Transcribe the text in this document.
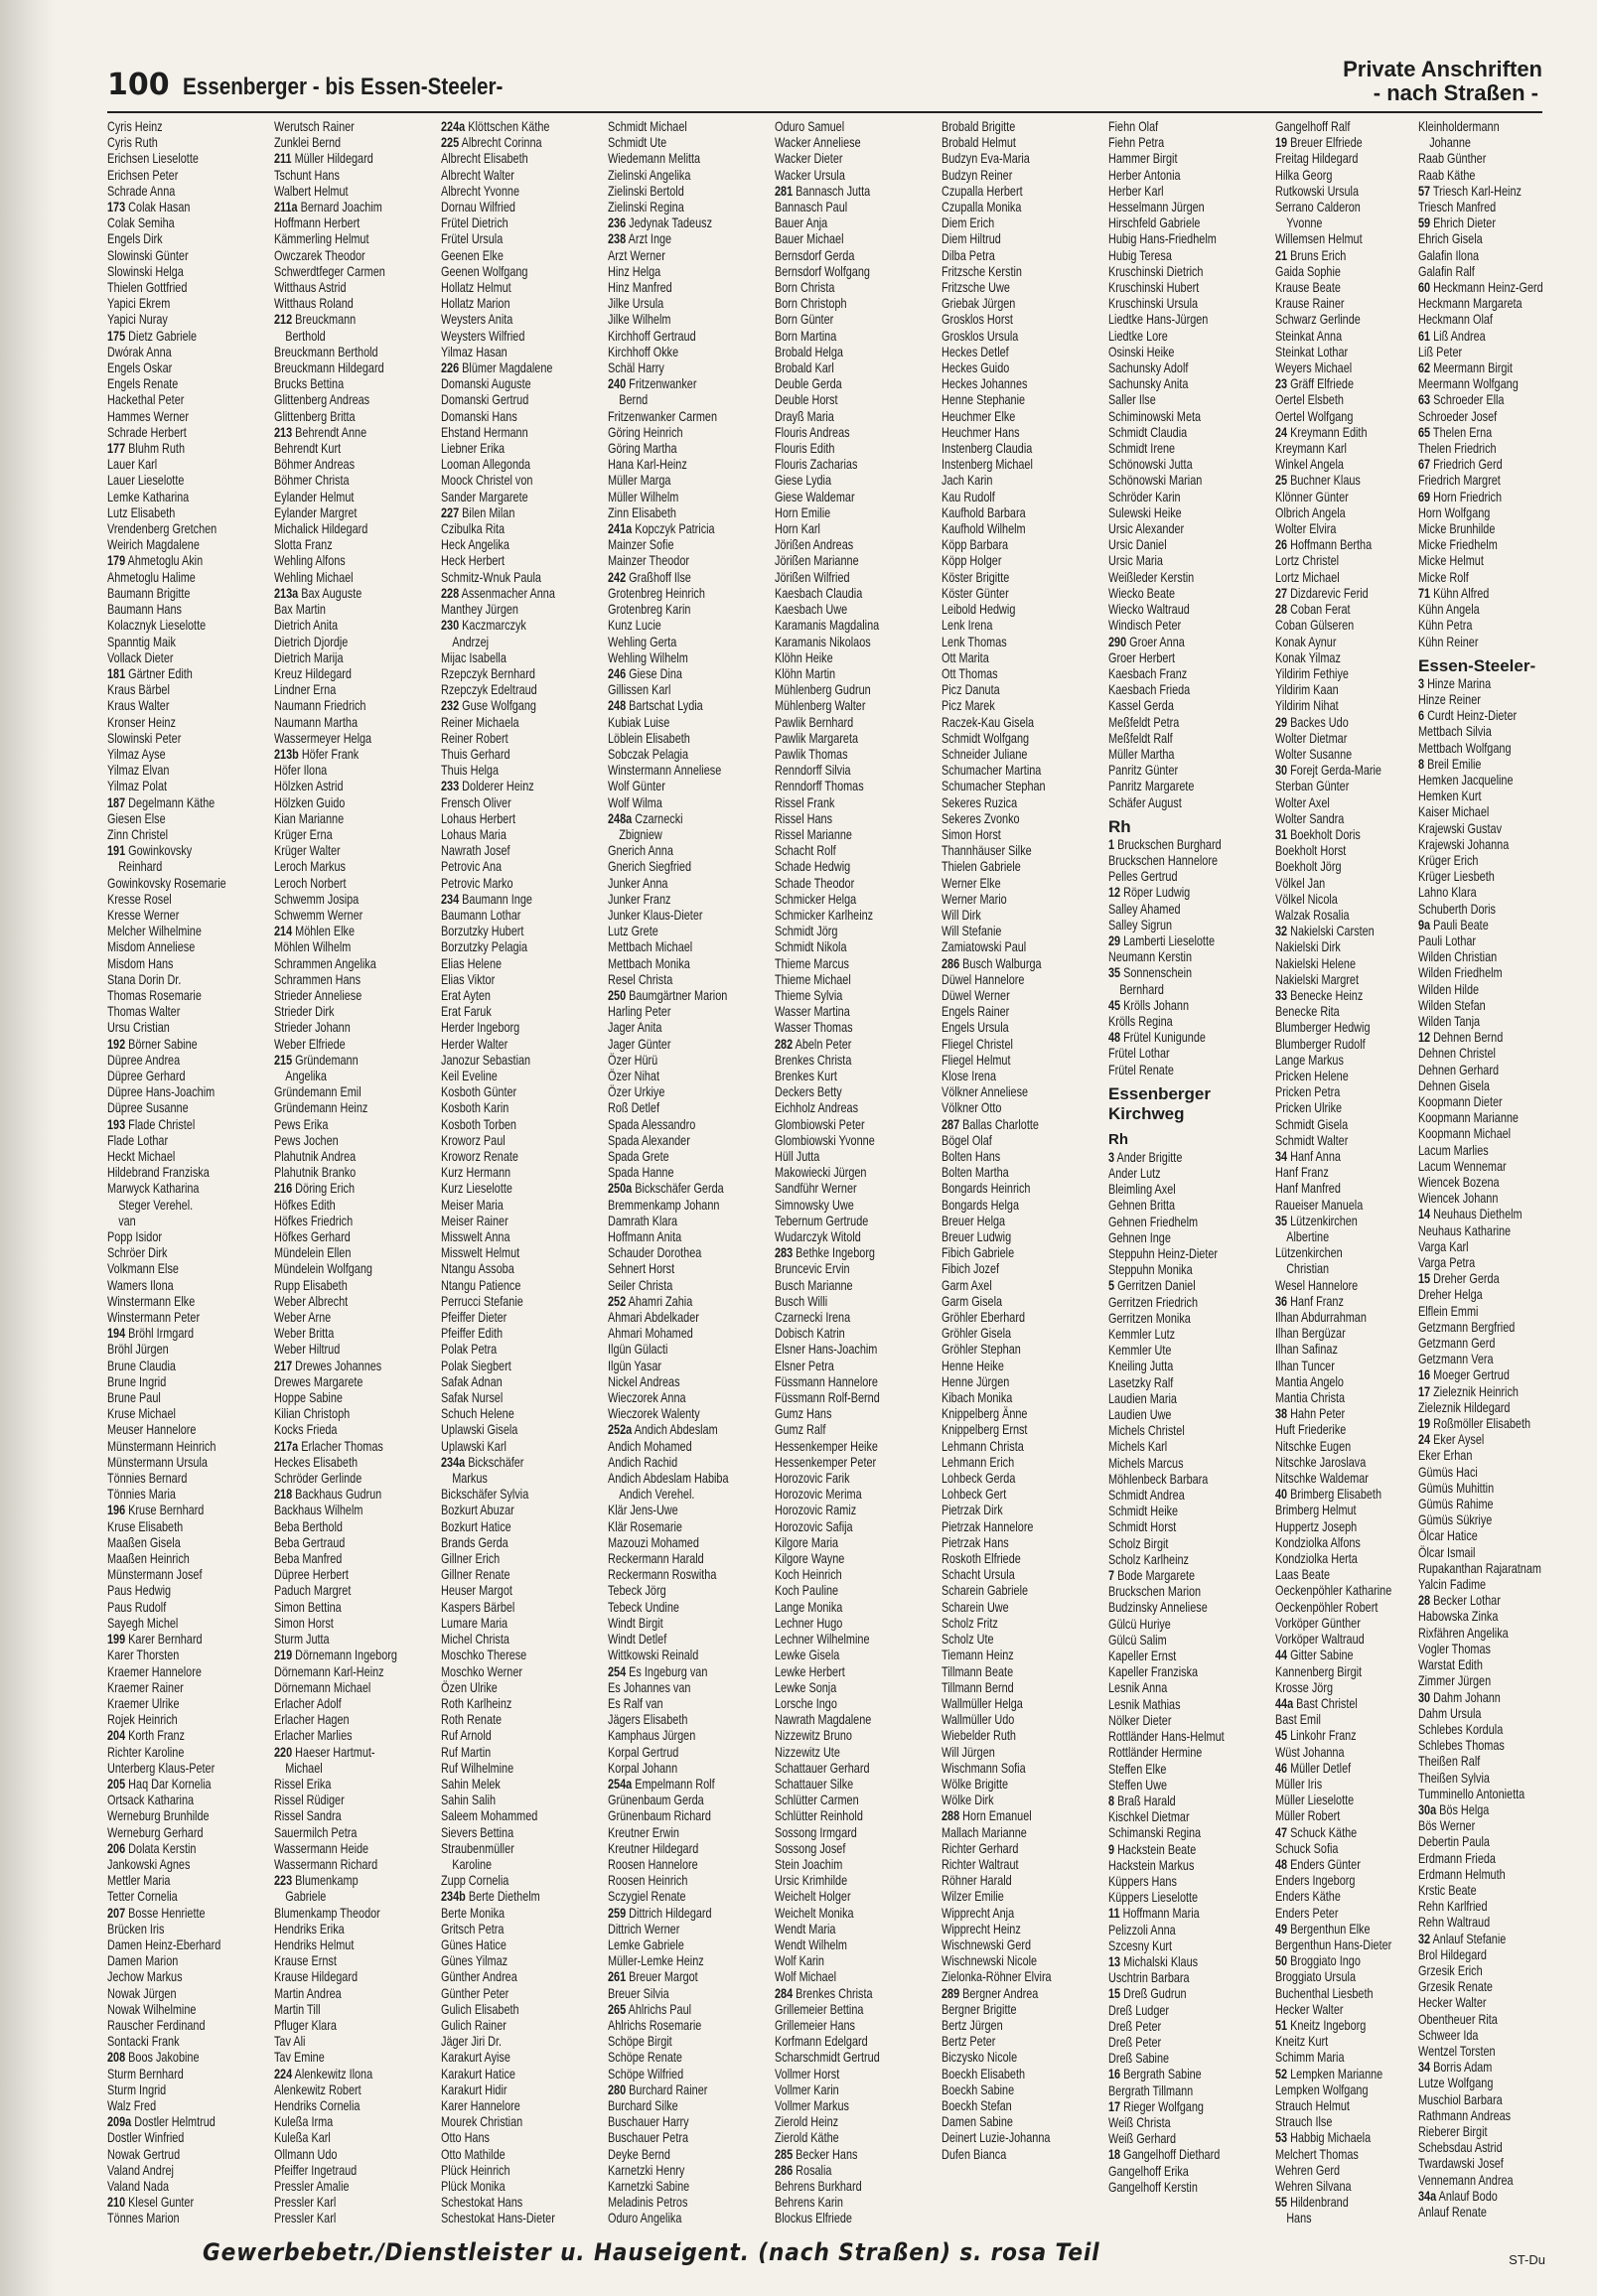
100 Essenberger - bis Essen-Steeler-
Private Anschriften
- nach Straßen -
Cyris Heinz
Cyris Ruth
Erichsen Lieselotte
Erichsen Peter
Schrade Anna
173 Colak Hasan
Colak Semiha
Engels Dirk
Slowinski Günter
Slowinski Helga
Thielen Gottfried
Yapici Ekrem
Yapici Nuray
175 Dietz Gabriele
Dwórak Anna
Engels Oskar
Engels Renate
Hackethal Peter
Hammes Werner
Schrade Herbert
177 Bluhm Ruth
Lauer Karl
Lauer Lieselotte
Lemke Katharina
Lutz Elisabeth
Vrendenberg Gretchen
Weirich Magdalene
179 Ahmetoglu Akin
Ahmetoglu Halime
Baumann Brigitte
Baumann Hans
Kolacznyk Lieselotte
Spanntig Maik
Vollack Dieter
181 Gärtner Edith
Kraus Bärbel
Kraus Walter
Kronser Heinz
Slowinski Peter
Yilmaz Ayse
Yilmaz Elvan
Yilmaz Polat
187 Degelmann Käthe
Giesen Else
Zinn Christel
191 Gowinkovsky
Reinhard
Gowinkovsky Rosemarie
Kresse Rosel
Kresse Werner
Melcher Wilhelmine
Misdom Anneliese
Misdom Hans
Stana Dorin Dr.
Thomas Rosemarie
Thomas Walter
Ursu Cristian
192 Börner Sabine
Düpree Andrea
Düpree Gerhard
Düpree Hans-Joachim
Düpree Susanne
193 Flade Christel
Flade Lothar
Heckt Michael
Hildebrand Franziska
Marwyck Katharina
Steger Verehel.
van
Popp Isidor
Schröer Dirk
Volkmann Else
Wamers Ilona
Winstermann Elke
Winstermann Peter
194 Bröhl Irmgard
Bröhl Jürgen
Brune Claudia
Brune Ingrid
Brune Paul
Kruse Michael
Meuser Hannelore
Münstermann Heinrich
Münstermann Ursula
Tönnies Bernard
Tönnies Maria
196 Kruse Bernhard
Kruse Elisabeth
Maaßen Gisela
Maaßen Heinrich
Münstermann Josef
Paus Hedwig
Paus Rudolf
Sayegh Michel
199 Karer Bernhard
Karer Thorsten
Kraemer Hannelore
Kraemer Rainer
Kraemer Ulrike
Rojek Heinrich
204 Korth Franz
Richter Karoline
Unterberg Klaus-Peter
205 Haq Dar Kornelia
Ortsack Katharina
Werneburg Brunhilde
Werneburg Gerhard
206 Dolata Kerstin
Jankowski Agnes
Mettler Maria
Tetter Cornelia
207 Bosse Henriette
Brücken Iris
Damen Heinz-Eberhard
Damen Marion
Jechow Markus
Nowak Jürgen
Nowak Wilhelmine
Rauscher Ferdinand
Sontacki Frank
208 Boos Jakobine
Sturm Bernhard
Sturm Ingrid
Walz Fred
209a Dostler Helmtrud
Dostler Winfried
Nowak Gertrud
Valand Andrej
Valand Nada
210 Klesel Gunter
Tönnes Marion
Werutsch Rainer
Zunklei Bernd
211 Müller Hildegard
Tschunt Hans
Walbert Helmut
211a Bernard Joachim
Hoffmann Herbert
Kämmerling Helmut
Owczarek Theodor
Schwerdtfeger Carmen
Witthaus Astrid
Witthaus Roland
212 Breuckmann
Berthold
Breuckmann Berthold
Breuckmann Hildegard
Brucks Bettina
Glittenberg Andreas
Glittenberg Britta
213 Behrendt Anne
Behrendt Kurt
Böhmer Andreas
Böhmer Christa
Eylander Helmut
Eylander Margret
Michalick Hildegard
Slotta Franz
Wehling Alfons
Wehling Michael
213a Bax Auguste
Bax Martin
Dietrich Anita
Dietrich Djordje
Dietrich Marija
Kreuz Hildegard
Lindner Erna
Naumann Friedrich
Naumann Martha
Wassermeyer Helga
213b Höfer Frank
Höfer Ilona
Hölzken Astrid
Hölzken Guido
Kian Marianne
Krüger Erna
Krüger Walter
Leroch Markus
Leroch Norbert
Schwemm Josipa
Schwemm Werner
214 Möhlen Elke
Möhlen Wilhelm
Schrammen Angelika
Schrammen Hans
Strieder Anneliese
Strieder Dirk
Strieder Johann
Weber Elfriede
215 Gründemann
Angelika
Gründemann Emil
Gründemann Heinz
Pews Erika
Pews Jochen
Plahutnik Andrea
Plahutnik Branko
216 Döring Erich
Höfkes Edith
Höfkes Friedrich
Höfkes Gerhard
Mündelein Ellen
Mündelein Wolfgang
Rupp Elisabeth
Weber Albrecht
Weber Arne
Weber Britta
Weber Hiltrud
217 Drewes Johannes
Drewes Margarete
Hoppe Sabine
Kilian Christoph
Kocks Frieda
217a Erlacher Thomas
Heckes Elisabeth
Schröder Gerlinde
218 Backhaus Gudrun
Backhaus Wilhelm
Beba Berthold
Beba Gertraud
Beba Manfred
Düpree Herbert
Paduch Margret
Simon Bettina
Simon Horst
Sturm Jutta
219 Dörnemann Ingeborg
Dörnemann Karl-Heinz
Dörnemann Michael
Erlacher Adolf
Erlacher Hagen
Erlacher Marlies
220 Haeser Hartmut-
Michael
Rissel Erika
Rissel Rüdiger
Rissel Sandra
Sauermilch Petra
Wassermann Heide
Wassermann Richard
223 Blumenkamp
Gabriele
Blumenkamp Theodor
Hendriks Erika
Hendriks Helmut
Krause Ernst
Krause Hildegard
Martin Andrea
Martin Till
Pfluger Klara
Tav Ali
Tav Emine
224 Alenkewitz Ilona
Alenkewitz Robert
Hendriks Cornelia
Kuleßa Irma
Kuleßa Karl
Ollmann Udo
Pfeiffer Ingetraud
Pressler Amalie
Pressler Karl
Pressler Karl
224a Klöttschen Käthe
225 Albrecht Corinna
Albrecht Elisabeth
Albrecht Walter
Albrecht Yvonne
Dornau Wilfried
Frütel Dietrich
Frütel Ursula
Geenen Elke
Geenen Wolfgang
Hollatz Helmut
Hollatz Marion
Weysters Anita
Weysters Wilfried
Yilmaz Hasan
226 Blümer Magdalene
Domanski Auguste
Domanski Gertrud
Domanski Hans
Ehstand Hermann
Liebner Erika
Looman Allegonda
Moock Christel von
Sander Margarete
227 Bilen Milan
Czibulka Rita
Heck Angelika
Heck Herbert
Schmitz-Wnuk Paula
228 Assenmacher Anna
Manthey Jürgen
230 Kaczmarczyk
Andrzej
Mijac Isabella
Rzepczyk Bernhard
Rzepczyk Edeltraud
232 Guse Wolfgang
Reiner Michaela
Reiner Robert
Thuis Gerhard
Thuis Helga
233 Dolderer Heinz
Frensch Oliver
Lohaus Herbert
Lohaus Maria
Nawrath Josef
Petrovic Ana
Petrovic Marko
234 Baumann Inge
Baumann Lothar
Borzutzky Hubert
Borzutzky Pelagia
Elias Helene
Elias Viktor
Erat Ayten
Erat Faruk
Herder Ingeborg
Herder Walter
Janozur Sebastian
Keil Eveline
Kosboth Günter
Kosboth Karin
Kosboth Torben
Kroworz Paul
Kroworz Renate
Kurz Hermann
Kurz Lieselotte
Meiser Maria
Meiser Rainer
Misswelt Anna
Misswelt Helmut
Ntangu Assoba
Ntangu Patience
Perrucci Stefanie
Pfeiffer Dieter
Pfeiffer Edith
Polak Petra
Polak Siegbert
Safak Adnan
Safak Nursel
Schuch Helene
Uplawski Gisela
Uplawski Karl
234a Bickschäfer
Markus
Bickschäfer Sylvia
Bozkurt Abuzar
Bozkurt Hatice
Brands Gerda
Gillner Erich
Gillner Renate
Heuser Margot
Kaspers Bärbel
Lumare Maria
Michel Christa
Moschko Therese
Moschko Werner
Özen Ulrike
Roth Karlheinz
Roth Renate
Ruf Arnold
Ruf Martin
Ruf Wilhelmine
Sahin Melek
Sahin Salih
Saleem Mohammed
Sievers Bettina
Straubenmüller
Karoline
Zupp Cornelia
234b Berte Diethelm
Berte Monika
Gritsch Petra
Günes Hatice
Günes Yilmaz
Günther Andrea
Günther Peter
Gulich Elisabeth
Gulich Rainer
Jäger Jiri Dr.
Karakurt Ayise
Karakurt Hatice
Karakurt Hidir
Karer Hannelore
Mourek Christian
Otto Hans
Otto Mathilde
Plück Heinrich
Plück Monika
Schestokat Hans
Schestokat Hans-Dieter
Schmidt Michael
Schmidt Ute
Wiedemann Melitta
Zielinski Angelika
Zielinski Bertold
Zielinski Regina
236 Jedynak Tadeusz
238 Arzt Inge
Arzt Werner
Hinz Helga
Hinz Manfred
Jilke Ursula
Jilke Wilhelm
Kirchhoff Gertraud
Kirchhoff Okke
Schäl Harry
240 Fritzenwanker
Bernd
Fritzenwanker Carmen
Göring Heinrich
Göring Martha
Hana Karl-Heinz
Müller Marga
Müller Wilhelm
Zinn Elisabeth
241a Kopczyk Patricia
Mainzer Sofie
Mainzer Theodor
242 Graßhoff Ilse
Grotenbreg Heinrich
Grotenbreg Karin
Kunz Lucie
Wehling Gerta
Wehling Wilhelm
246 Giese Dina
Gillissen Karl
248 Bartschat Lydia
Kubiak Luise
Löblein Elisabeth
Sobczak Pelagia
Winstermann Anneliese
Wolf Günter
Wolf Wilma
248a Czarnecki
Zbigniew
Gnerich Anna
Gnerich Siegfried
Junker Anna
Junker Franz
Junker Klaus-Dieter
Lutz Grete
Mettbach Michael
Mettbach Monika
Resel Christa
250 Baumgärtner Marion
Harling Peter
Jager Anita
Jager Günter
Özer Hürü
Özer Nihat
Özer Urkiye
Roß Detlef
Spada Alessandro
Spada Alexander
Spada Grete
Spada Hanne
250a Bickschäfer Gerda
Bremmenkamp Johann
Damrath Klara
Hoffmann Anita
Schauder Dorothea
Sehnert Horst
Seiler Christa
252 Ahamri Zahia
Ahmari Abdelkader
Ahmari Mohamed
Ilgün Gülacti
Ilgün Yasar
Nickel Andreas
Wieczorek Anna
Wieczorek Walenty
252a Andich Abdeslam
Andich Mohamed
Andich Rachid
Andich Abdeslam Habiba
Andich Verehel.
Klär Jens-Uwe
Klär Rosemarie
Mazouzi Mohamed
Reckermann Harald
Reckermann Roswitha
Tebeck Jörg
Tebeck Undine
Windt Birgit
Windt Detlef
Wittkowski Reinald
254 Es Ingeburg van
Es Johannes van
Es Ralf van
Jägers Elisabeth
Kamphaus Jürgen
Korpal Gertrud
Korpal Johann
254a Empelmann Rolf
Grünenbaum Gerda
Grünenbaum Richard
Kreutner Erwin
Kreutner Hildegard
Roosen Hannelore
Roosen Heinrich
Sczygiel Renate
259 Dittrich Hildegard
Dittrich Werner
Lemke Gabriele
Müller-Lemke Heinz
261 Breuer Margot
Breuer Silvia
265 Ahlrichs Paul
Ahlrichs Rosemarie
Schöpe Birgit
Schöpe Renate
Schöpe Wilfried
280 Burchard Rainer
Burchard Silke
Buschauer Harry
Buschauer Petra
Deyke Bernd
Karnetzki Henry
Karnetzki Sabine
Meladinis Petros
Oduro Angelika
Oduro Samuel
Wacker Anneliese
Wacker Dieter
Wacker Ursula
281 Bannasch Jutta
Bannasch Paul
Bauer Anja
Bauer Michael
Bernsdorf Gerda
Bernsdorf Wolfgang
Born Christa
Born Christoph
Born Günter
Born Martina
Brobald Helga
Brobald Karl
Deuble Gerda
Deuble Horst
Drayß Maria
Flouris Andreas
Flouris Edith
Flouris Zacharias
Giese Lydia
Giese Waldemar
Horn Emilie
Horn Karl
Jörißen Andreas
Jörißen Marianne
Jörißen Wilfried
Kaesbach Claudia
Kaesbach Uwe
Karamanis Magdalina
Karamanis Nikolaos
Klöhn Heike
Klöhn Martin
Mühlenberg Gudrun
Mühlenberg Walter
Pawlik Bernhard
Pawlik Margareta
Pawlik Thomas
Renndorff Silvia
Renndorff Thomas
Rissel Frank
Rissel Hans
Rissel Marianne
Schacht Rolf
Schade Hedwig
Schade Theodor
Schmicker Helga
Schmicker Karlheinz
Schmidt Jörg
Schmidt Nikola
Thieme Marcus
Thieme Michael
Thieme Sylvia
Wasser Martina
Wasser Thomas
282 Abeln Peter
Brenkes Christa
Brenkes Kurt
Deckers Betty
Eichholz Andreas
Glombiowski Peter
Glombiowski Yvonne
Hüll Jutta
Makowiecki Jürgen
Sandführ Werner
Simnowsky Uwe
Tebernum Gertrude
Wudarczyk Witold
283 Bethke Ingeborg
Bruncevic Ervin
Busch Marianne
Busch Willi
Czarnecki Irena
Dobisch Katrin
Elsner Hans-Joachim
Elsner Petra
Füssmann Hannelore
Füssmann Rolf-Bernd
Gumz Hans
Gumz Ralf
Hessenkemper Heike
Hessenkemper Peter
Horozovic Farik
Horozovic Merima
Horozovic Ramiz
Horozovic Safija
Kilgore Maria
Kilgore Wayne
Koch Heinrich
Koch Pauline
Lange Monika
Lechner Hugo
Lechner Wilhelmine
Lewke Gisela
Lewke Herbert
Lewke Sonja
Lorsche Ingo
Nawrath Magdalene
Nizzewitz Bruno
Nizzewitz Ute
Schattauer Gerhard
Schattauer Silke
Schlütter Carmen
Schlütter Reinhold
Sossong Irmgard
Sossong Josef
Stein Joachim
Ursic Krimhilde
Weichelt Holger
Weichelt Monika
Wendt Maria
Wendt Wilhelm
Wolf Karin
Wolf Michael
284 Brenkes Christa
Grillemeier Bettina
Grillemeier Hans
Korfmann Edelgard
Scharschmidt Gertrud
Vollmer Horst
Vollmer Karin
Vollmer Markus
Zierold Heinz
Zierold Käthe
285 Becker Hans
286 Rosalia
Behrens Burkhard
Behrens Karin
Blockus Elfriede
Brobald Brigitte
Brobald Helmut
Budzyn Eva-Maria
Budzyn Reiner
Czupalla Herbert
Czupalla Monika
Diem Erich
Diem Hiltrud
Dilba Petra
Fritzsche Kerstin
Fritzsche Uwe
Griebak Jürgen
Grosklos Horst
Grosklos Ursula
Heckes Detlef
Heckes Guido
Heckes Johannes
Henne Stephanie
Heuchmer Elke
Heuchmer Hans
Instenberg Claudia
Instenberg Michael
Jach Karin
Kau Rudolf
Kaufhold Barbara
Kaufhold Wilhelm
Köpp Barbara
Köpp Holger
Köster Brigitte
Köster Günter
Leibold Hedwig
Lenk Irena
Lenk Thomas
Ott Marita
Ott Thomas
Picz Danuta
Picz Marek
Raczek-Kau Gisela
Schmidt Wolfgang
Schneider Juliane
Schumacher Martina
Schumacher Stephan
Sekeres Ruzica
Sekeres Zvonko
Simon Horst
Thannhäuser Silke
Thielen Gabriele
Werner Elke
Werner Mario
Will Dirk
Will Stefanie
Zamiatowski Paul
286 Busch Walburga
Düwel Hannelore
Düwel Werner
Engels Rainer
Engels Ursula
Fliegel Christel
Fliegel Helmut
Klose Irena
Völkner Anneliese
Völkner Otto
287 Ballas Charlotte
Bögel Olaf
Bolten Hans
Bolten Martha
Bongards Heinrich
Bongards Helga
Breuer Helga
Breuer Ludwig
Fibich Gabriele
Fibich Jozef
Garm Axel
Garm Gisela
Gröhler Eberhard
Gröhler Gisela
Gröhler Stephan
Henne Heike
Henne Jürgen
Kibach Monika
Knippelberg Änne
Knippelberg Ernst
Lehmann Christa
Lehmann Erich
Lohbeck Gerda
Lohbeck Gert
Pietrzak Dirk
Pietrzak Hannelore
Pietrzak Hans
Roskoth Elfriede
Schacht Ursula
Scharein Gabriele
Scharein Uwe
Scholz Fritz
Scholz Ute
Tiemann Heinz
Tillmann Beate
Tillmann Bernd
Wallmüller Helga
Wallmüller Udo
Wiebelder Ruth
Will Jürgen
Wischmann Sofia
Wölke Brigitte
Wölke Dirk
288 Horn Emanuel
Mallach Marianne
Richter Gerhard
Richter Waltraut
Röhner Harald
Wilzer Emilie
Wipprecht Anja
Wipprecht Heinz
Wischnewski Gerd
Wischnewski Nicole
Zielonka-Röhner Elvira
289 Bergner Andrea
Bergner Brigitte
Bertz Jürgen
Bertz Peter
Biczysko Nicole
Boeckh Elisabeth
Boeckh Sabine
Boeckh Stefan
Damen Sabine
Deinert Luzie-Johanna
Dufen Bianca
Fiehn Olaf
Fiehn Petra
Hammer Birgit
Herber Antonia
Herber Karl
Hesselmann Jürgen
Hirschfeld Gabriele
Hubig Hans-Friedhelm
Hubig Teresa
Kruschinski Dietrich
Kruschinski Hubert
Kruschinski Ursula
Liedtke Hans-Jürgen
Liedtke Lore
Osinski Heike
Sachunsky Adolf
Sachunsky Anita
Saller Ilse
Schiminowski Meta
Schmidt Claudia
Schmidt Irene
Schönowski Jutta
Schönowski Marian
Schröder Karin
Sulewski Heike
Ursic Alexander
Ursic Daniel
Ursic Maria
Weißleder Kerstin
Wiecko Beate
Wiecko Waltraud
Windisch Peter
290 Groer Anna
Groer Herbert
Kaesbach Franz
Kaesbach Frieda
Kassel Gerda
Meßfeldt Petra
Meßfeldt Ralf
Müller Martha
Panritz Günter
Panritz Margarete
Schäfer August
Rh
1 Bruckschen Burghard
Bruckschen Hannelore
Pelles Gertrud
12 Röper Ludwig
Salley Ahamed
Salley Sigrun
29 Lamberti Lieselotte
Neumann Kerstin
35 Sonnenschein
Bernhard
45 Krölls Johann
Krölls Regina
48 Frütel Kunigunde
Frütel Lothar
Frütel Renate
Essenberger
Kirchweg
Rh
3 Ander Brigitte
Ander Lutz
Bleimling Axel
Gehnen Britta
Gehnen Friedhelm
Gehnen Inge
Steppuhn Heinz-Dieter
Steppuhn Monika
5 Gerritzen Daniel
Gerritzen Friedrich
Gerritzen Monika
Kemmler Lutz
Kemmler Ute
Kneiling Jutta
Lasetzky Ralf
Laudien Maria
Laudien Uwe
Michels Christel
Michels Karl
Michels Marcus
Möhlenbeck Barbara
Schmidt Andrea
Schmidt Heike
Schmidt Horst
Scholz Birgit
Scholz Karlheinz
7 Bode Margarete
Bruckschen Marion
Budzinsky Anneliese
Gülcü Huriye
Gülcü Salim
Kapeller Ernst
Kapeller Franziska
Lesnik Anna
Lesnik Mathias
Nölker Dieter
Rottländer Hans-Helmut
Rottländer Hermine
Steffen Elke
Steffen Uwe
8 Braß Harald
Kischkel Dietmar
Schimanski Regina
9 Hackstein Beate
Hackstein Markus
Küppers Hans
Küppers Lieselotte
11 Hoffmann Maria
Pelizzoli Anna
Szcesny Kurt
13 Michalski Klaus
Uschtrin Barbara
15 Dreß Gudrun
Dreß Ludger
Dreß Peter
Dreß Peter
Dreß Sabine
16 Bergrath Sabine
Bergrath Tillmann
17 Rieger Wolfgang
Weiß Christa
Weiß Gerhard
18 Gangelhoff Diethard
Gangelhoff Erika
Gangelhoff Kerstin
Gangelhoff Ralf
19 Breuer Elfriede
Freitag Hildegard
Hilka Georg
Rutkowski Ursula
Serrano Calderon
Yvonne
Willemsen Helmut
21 Bruns Erich
Gaida Sophie
Krause Beate
Krause Rainer
Schwarz Gerlinde
Steinkat Anna
Steinkat Lothar
Weyers Michael
23 Gräff Elfriede
Oertel Elsbeth
Oertel Wolfgang
24 Kreymann Edith
Kreymann Karl
Winkel Angela
25 Buchner Klaus
Klönner Günter
Olbrich Angela
Wolter Elvira
26 Hoffmann Bertha
Lortz Christel
Lortz Michael
27 Dizdarevic Ferid
28 Coban Ferat
Coban Gülseren
Konak Aynur
Konak Yilmaz
Yildirim Fethiye
Yildirim Kaan
Yildirim Nihat
29 Backes Udo
Wolter Dietmar
Wolter Susanne
30 Forejt Gerda-Marie
Sterban Günter
Wolter Axel
Wolter Sandra
31 Boekholt Doris
Boekholt Horst
Boekholt Jörg
Völkel Jan
Völkel Nicola
Walzak Rosalia
32 Nakielski Carsten
Nakielski Dirk
Nakielski Helene
Nakielski Margret
33 Benecke Heinz
Benecke Rita
Blumberger Hedwig
Blumberger Rudolf
Lange Markus
Pricken Helene
Pricken Petra
Pricken Ulrike
Schmidt Gisela
Schmidt Walter
34 Hanf Anna
Hanf Franz
Hanf Manfred
Raueiser Manuela
35 Lützenkirchen
Albertine
Lützenkirchen
Christian
Wesel Hannelore
36 Hanf Franz
Ilhan Abdurrahman
Ilhan Bergüzar
Ilhan Safinaz
Ilhan Tuncer
Mantia Angelo
Mantia Christa
38 Hahn Peter
Huft Friederike
Nitschke Eugen
Nitschke Jaroslava
Nitschke Waldemar
40 Brimberg Elisabeth
Brimberg Helmut
Huppertz Joseph
Kondziolka Alfons
Kondziolka Herta
Laas Beate
Oeckenpöhler Katharine
Oeckenpöhler Robert
Vorköper Günther
Vorköper Waltraud
44 Gitter Sabine
Kannenberg Birgit
Krosse Jörg
44a Bast Christel
Bast Emil
45 Linkohr Franz
Wüst Johanna
46 Müller Detlef
Müller Iris
Müller Lieselotte
Müller Robert
47 Schuck Käthe
Schuck Sofia
48 Enders Günter
Enders Ingeborg
Enders Käthe
Enders Peter
49 Bergenthun Elke
Bergenthun Hans-Dieter
50 Broggiato Ingo
Broggiato Ursula
Buchenthal Liesbeth
Hecker Walter
51 Kneitz Ingeborg
Kneitz Kurt
Schimm Maria
52 Lempken Marianne
Lempken Wolfgang
Strauch Helmut
Strauch Ilse
53 Habbig Michaela
Melchert Thomas
Wehren Gerd
Wehren Silvana
55 Hildenbrand
Hans
Kleinholdermann
Johanne
Raab Günther
Raab Käthe
57 Triesch Karl-Heinz
Triesch Manfred
59 Ehrich Dieter
Ehrich Gisela
Galafin Ilona
Galafin Ralf
60 Heckmann Heinz-Gerd
Heckmann Margareta
Heckmann Olaf
61 Liß Andrea
Liß Peter
62 Meermann Birgit
Meermann Wolfgang
63 Schroeder Ella
Schroeder Josef
65 Thelen Erna
Thelen Friedrich
67 Friedrich Gerd
Friedrich Margret
69 Horn Friedrich
Horn Wolfgang
Micke Brunhilde
Micke Friedhelm
Micke Helmut
Micke Rolf
71 Kühn Alfred
Kühn Angela
Kühn Petra
Kühn Reiner
Essen-Steeler-
3 Hinze Marina
Hinze Reiner
6 Curdt Heinz-Dieter
Mettbach Silvia
Mettbach Wolfgang
8 Breil Emilie
Hemken Jacqueline
Hemken Kurt
Kaiser Michael
Krajewski Gustav
Krajewski Johanna
Krüger Erich
Krüger Liesbeth
Lahno Klara
Schuberth Doris
9a Pauli Beate
Pauli Lothar
Wilden Christian
Wilden Friedhelm
Wilden Hilde
Wilden Stefan
Wilden Tanja
12 Dehnen Bernd
Dehnen Christel
Dehnen Gerhard
Dehnen Gisela
Koopmann Dieter
Koopmann Marianne
Koopmann Michael
Lacum Marlies
Lacum Wennemar
Wiencek Bozena
Wiencek Johann
14 Neuhaus Diethelm
Neuhaus Katharine
Varga Karl
Varga Petra
15 Dreher Gerda
Dreher Helga
Elflein Emmi
Getzmann Bergfried
Getzmann Gerd
Getzmann Vera
16 Moeger Gertrud
17 Zieleznik Heinrich
Zieleznik Hildegard
19 Roßmöller Elisabeth
24 Eker Aysel
Eker Erhan
Gümüs Haci
Gümüs Muhittin
Gümüs Rahime
Gümüs Sükriye
Ölcar Hatice
Ölcar Ismail
Rupakanthan Rajaratnam
Yalcin Fadime
28 Becker Lothar
Habowska Zinka
Rixfähren Angelika
Vogler Thomas
Warstat Edith
Zimmer Jürgen
30 Dahm Johann
Dahm Ursula
Schlebes Kordula
Schlebes Thomas
Theißen Ralf
Theißen Sylvia
Tumminello Antonietta
30a Bös Helga
Bös Werner
Debertin Paula
Erdmann Frieda
Erdmann Helmuth
Krstic Beate
Rehn Karlfried
Rehn Waltraud
32 Anlauf Stefanie
Brol Hildegard
Grzesik Erich
Grzesik Renate
Hecker Walter
Obentheuer Rita
Schweer Ida
Wentzel Torsten
34 Borris Adam
Lutze Wolfgang
Muschiol Barbara
Rathmann Andreas
Rieberer Birgit
Schebsdau Astrid
Twardawski Josef
Vennemann Andrea
34a Anlauf Bodo
Anlauf Renate
Gewerbebetr./Dienstleister u. Hauseigent. (nach Straßen) s. rosa Teil	ST-Du
